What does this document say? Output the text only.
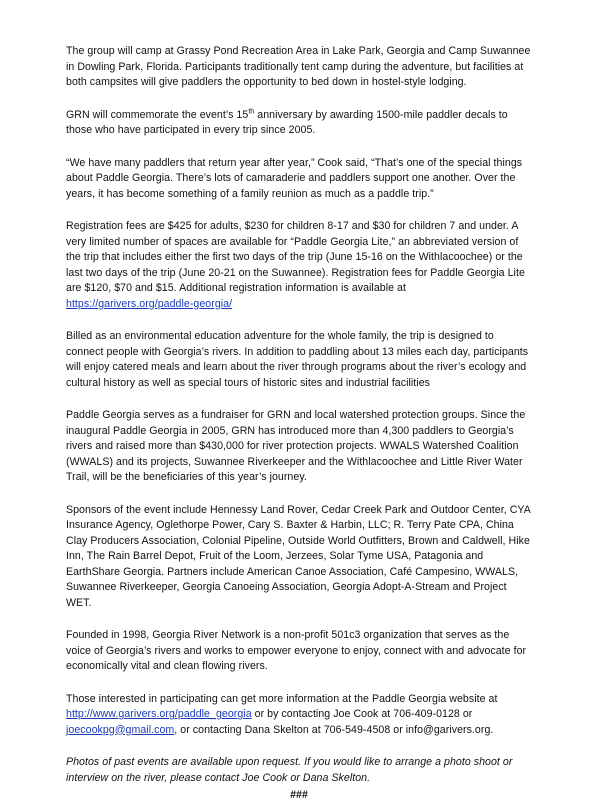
The group will camp at Grassy Pond Recreation Area in Lake Park, Georgia and Camp Suwannee in Dowling Park, Florida. Participants traditionally tent camp during the adventure, but facilities at both campsites will give paddlers the opportunity to bed down in hostel-style lodging.

GRN will commemorate the event’s 15th anniversary by awarding 1500-mile paddler decals to those who have participated in every trip since 2005.

“We have many paddlers that return year after year,” Cook said, “That’s one of the special things about Paddle Georgia. There’s lots of camaraderie and paddlers support one another. Over the years, it has become something of a family reunion as much as a paddle trip.”

Registration fees are $425 for adults, $230 for children 8-17 and $30 for children 7 and under. A very limited number of spaces are available for “Paddle Georgia Lite,” an abbreviated version of the trip that includes either the first two days of the trip (June 15-16 on the Withlacoochee) or the last two days of the trip (June 20-21 on the Suwannee). Registration fees for Paddle Georgia Lite are $120, $70 and $15. Additional registration information is available at
https://garivers.org/paddle-georgia/

Billed as an environmental education adventure for the whole family, the trip is designed to connect people with Georgia’s rivers. In addition to paddling about 13 miles each day, participants will enjoy catered meals and learn about the river through programs about the river’s ecology and cultural history as well as special tours of historic sites and industrial facilities

Paddle Georgia serves as a fundraiser for GRN and local watershed protection groups. Since the inaugural Paddle Georgia in 2005, GRN has introduced more than 4,300 paddlers to Georgia’s rivers and raised more than $430,000 for river protection projects. WWALS Watershed Coalition (WWALS) and its projects, Suwannee Riverkeeper and the Withlacoochee and Little River Water Trail, will be the beneficiaries of this year’s journey.

Sponsors of the event include Hennessy Land Rover, Cedar Creek Park and Outdoor Center, CYA Insurance Agency, Oglethorpe Power, Cary S. Baxter & Harbin, LLC; R. Terry Pate CPA, China Clay Producers Association, Colonial Pipeline, Outside World Outfitters, Brown and Caldwell, Hike Inn, The Rain Barrel Depot, Fruit of the Loom, Jerzees, Solar Tyme USA, Patagonia and EarthShare Georgia. Partners include American Canoe Association, Café Campesino, WWALS, Suwannee Riverkeeper, Georgia Canoeing Association, Georgia Adopt-A-Stream and Project WET.

Founded in 1998, Georgia River Network is a non-profit 501c3 organization that serves as the voice of Georgia’s rivers and works to empower everyone to enjoy, connect with and advocate for economically vital and clean flowing rivers.

Those interested in participating can get more information at the Paddle Georgia website at http://www.garivers.org/paddle_georgia or by contacting Joe Cook at 706-409-0128 or joecookpg@gmail.com, or contacting Dana Skelton at 706-549-4508 or info@garivers.org.

Photos of past events are available upon request. If you would like to arrange a photo shoot or interview on the river, please contact Joe Cook or Dana Skelton.

###
